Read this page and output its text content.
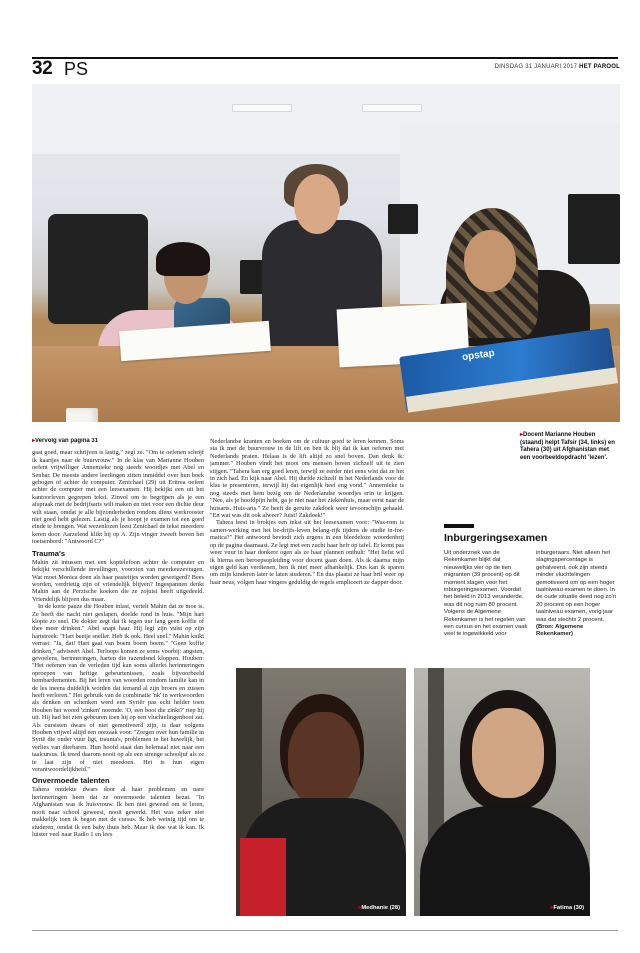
32 PS	DINSDAG 31 JANUARI 2017 HET PAROOL
opstap
▸ Docent Marianne Houben (staand) helpt Tafsir (34, links) en Tahera (30) uit Afghanistan met een voorbeeldopdracht 'lezen'.
▸ Vervolg van pagina 31

gaat goed, maar schrijven is lastig," zegt ze. "Om te oefenen schrijf ik kaartjes naar de buurvrouw." In de klas van Marianne Houben oefent vrijwilliger Annemieke nog steeds woordjes met Abel en Senhar. De meeste andere leerlingen zitten inmiddel over hun boek gebogen of achter de computer. Zenichael (29) uit Eritrea oefent achter de computer met een leesexamen. Hij bekijkt een uit het kantoorleven gegrepen tekst. Zinvol om te begrijpen als je een afspraak met de bedrijfsarts wilt maken en niet voor een dichte deur wilt staan, omdat je alle bijzonderheden rondom diens werkrooster niet goed hebt gelezen. Lastig als je hoopt je examen tot een goed einde te brengen. Wat wezenlozen leest Zenichael de tekst meerdere keren door. Aarzelend klikt hij op A. Zijn vinger zweeft boven het toetsenbord: "Antwoord C?"

Trauma's

Mahin zit intussen met een koptelefoon achter de computer en bekijkt verschillende invullingen, voorzien van meerkeuzevragen. Wat moet Monica doen als haar pasteitjes worden geweigerd? Bees worden, verdrietig zijn of vriendelijk blijven? Ingespannen denkt Mahin aan de Perzische koeken die ze zojuist heeft uitgedeeld. Vriendelijk blijven dus maar.

In de korte pauze die Houben inlast, vertelt Mahin dat ze moe is. Ze heeft die nacht niet geslapen, doelde rond in huis. "Mijn hart klopte zo snel. De dokter zegt dat ik tegen uur lang geen koffie of thee meer drinken." Abel snapt haar. Hij legt zijn vuist op zijn hartstreek: "Hart beetje sneller. Heb ik ook. Heel snel." Mahin knikt verrast: "Ja, dat! Hart gaat van boem boem boem." "Geen koffie drinken," adviseert Abel. Terloops komen ze soms voorbij: angsten, gevoelens, herinneringen, harten die razendsnel kloppen. Houben: "Het oefenen van de verleden tijd kan soms allerlei herinneringen oproepen van heftige gebeurtenissen, zoals bijvoorbeeld bombardementen. Bij het leren van woorden rondom familie kan in de les ineens duidelijk worden dat iemand al zijn broers en zussen heeft verloren." Het gebruik van de combinatie 'nk' in werkwoorden als denken en schenken werd een Syriër pas echt helder toen Houben het woord 'zinken' noemde. 'O, een boot die zinkt?' riep hij uit. Hij had het zien gebeuren toen hij op een vluchtelingenboot zat. Als cursisten dwars of niet gemotiveerd zijn, is daar volgens Houben vrijwel altijd een oorzaak voor. "Zorgen over hun familie in Syrië die onder vuur ligt, trauma's, problemen in het huwelijk, het verlies van dierbaren. Hun hoofd staat dan helemaal niet naar een taalcursus. Ik treed daarom nooit op als een strenge schooljuf als ze te laat zijn of niet meedoen. Het is hun eigen verantwoordelijkheid."

Onvermoede talenten

Tahera ontdekte dwars door al haar problemen en nare herinneringen heen dat ze onvermoede talenten bezat. "In Afghanistan was ik huisvrouw. Ik ben niet gewend om te leren, nooit naar school geweest, nooit gewerkt. Het was zeker niet makkelijk toen ik begon met de cursus. Ik heb weinig tijd om te studeren, omdat ik een baby thuis heb. Maar ik doe wat ik kan. Ik luister veel naar Radio 1 en lees

Nederlandse kranten en boeken om de cultuur goed te leren kennen. Soms sta ik met de buurvrouw in de lift en ben ik blij dat ik kan oefenen met Nederlands praten. Helaas is de lift altijd zo snel boven. Dan denk ik: jammer." Houben vindt het mooi om mensen boven zichzelf uit te zien stijgen. "Tahera kan erg goed leren, terwijl ze eerder niet eens wist dat ze het in zich had. En kijk naar Abel. Hij durfde zichzelf in het Nederlands voor de klas te presenteren, terwijl hij dat eigenlijk heel eng vond." Annemieke is nog steeds met hem bezig om de Nederlandse woordjes erin te krijgen. "Nee, als je hoofdpijn hebt, ga je niet naar het ziekenhuis, maar eerst naar de huisarts. Huis-arts." Ze heeft de geruite zakdoek weer tevoorschijn gehaald. "En wat was dit ook alweer? Juist! Zakdoek!"

Tahera leest in brokjes een tekst uit het leesexamen voor: "Was-rom is samen-werking met het be-drijfs-leven belang-rijk tijdens de studie in-for-matica?" Het antwoord bevindt zich ergens in een bleedeloze woordenbrij op de pagina daarnaast. Ze legt met een zucht haar hefr op tafel. Er komt pas weer vuur in haar donkere ogen als ze haar plannen onthult: "Het liefst wil ik hierna een beroepsopleiding voor docent gaan doen. Als ik daarna mijn eigen geld kan verdienen, ben ik niet meer afhankelijk. Dus kan ik sparen om mijn kinderen later te laten studeren." En dus plaatst ze haar bril weer op haar neus, volgen haar vingers geduldig de regels empliceert ze dapper door.

Inburgeringsexamen
Uit onderzoek van de Rekenkamer blijkt dat nieuwelijks vier op de tien migranten (39 procent) op dit moment slagen voor het inburgeringsexamen. Voordat het beleid in 2013 veranderde, was dit nog ruim 80 procent. Volgens de Algemene Rekenkamer is het regelen van een cursus en het examen vaak veel te ingewikkeld voor inburgeraars. Niet alleen het slagingspercentage is gehalveerd, ook zijn steeds minder vluchtelingen gemotiveerd om op een hoger taalniveau examen te doen. In de oude situatie deed nog zo'n 20 procent op een hoger taalniveau examen, vorig jaar was dat slechts 2 procent. (Bron: Algemene Rekenkamer)
▸ Medhanie (28)
▸	Fatima (30)
